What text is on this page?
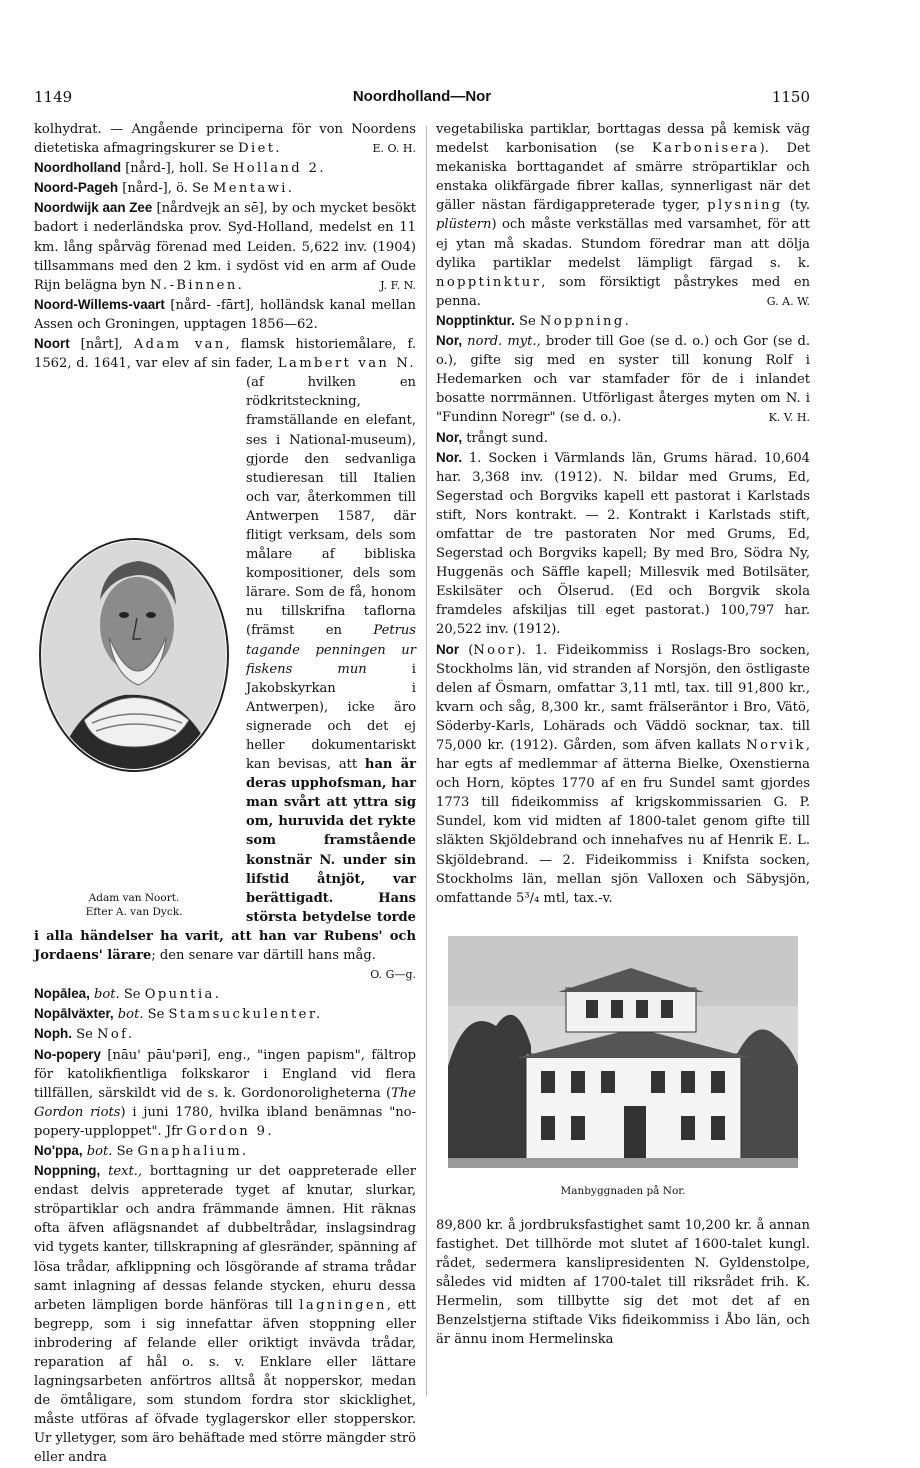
1149	Noordholland—Nor	1150

kolhydrat. — Angående principerna för von Noordens dietetiska afmagringskurer se Diet.	E. O. H.

Noordholland [nård-], holl. Se Holland 2.

Noord-Pageh [nård-], ö. Se Mentawi.

Noordwijk aan Zee [nårdvejk an sē], by och mycket besökt badort i nederländska prov. Syd-Holland, medelst en 11 km. lång spårväg förenad med Leiden. 5,622 inv. (1904) tillsammans med den 2 km. i sydöst vid en arm af Oude Rijn belägna byn N.-Binnen.	J. F. N.

Noord-Willems-vaart [nård- -fārt], holländsk kanal mellan Assen och Groningen, upptagen 1856—62.

Noort [nårt], Adam van, flamsk historiemålare, f. 1562, d. 1641, var elev af sin fader, Lambert van N.
Adam van Noort.
Efter A. van Dyck.
(af hvilken en rödkritsteckning, framställande en elefant, ses i National-museum), gjorde den sedvanliga studieresan till Italien och var, återkommen till Antwerpen 1587, där flitigt verksam, dels som målare af bibliska kompositioner, dels som lärare. Som de få, honom nu tillskrifna taflorna (främst en Petrus tagande penningen ur fiskens mun i Jakobskyrkan i Antwerpen), icke äro signerade och det ej heller dokumentariskt kan bevisas, att han är deras upphofsman, har man svårt att yttra sig om, huruvida det rykte som framstående konstnär N. under sin lifstid åtnjöt, var berättigadt. Hans största betydelse torde i alla händelser ha varit, att han var Rubens' och Jordaens' lärare; den senare var därtill hans måg.
O. G—g.

Nopālea, bot. Se Opuntia.

Nopālväxter, bot. Se Stamsuckulenter.

Noph. Se Nof.

No-popery [nāu' pāu'pəri], eng., "ingen papism", fältrop för katolikfientliga folkskaror i England vid flera tillfällen, särskildt vid de s. k. Gordonoroligheterna (The Gordon riots) i juni 1780, hvilka ibland benämnas "no-popery-upploppet". Jfr Gordon 9.

No'ppa, bot. Se Gnaphalium.

Noppning, text., borttagning ur det oappreterade eller endast delvis appreterade tyget af knutar, slurkar, ströpartiklar och andra främmande ämnen. Hit räknas ofta äfven aflägsnandet af dubbeltrådar, inslagsindrag vid tygets kanter, tillskrapning af glesränder, spänning af lösa trådar, afklippning och lösgörande af strama trådar samt inlagning af dessas felande stycken, ehuru dessa arbeten lämpligen borde hänföras till lagningen, ett begrepp, som i sig innefattar äfven stoppning eller inbrodering af felande eller oriktigt invävda trådar, reparation af hål o. s. v. Enklare eller lättare lagningsarbeten anförtros alltså åt nopperskor, medan de ömtåligare, som stundom fordra stor skicklighet, måste utföras af öfvade tyglagerskor eller stopperskor. Ur ylletyger, som äro behäftade med större mängder strö eller andra

vegetabiliska partiklar, borttagas dessa på kemisk väg medelst karbonisation (se Karbonisera). Det mekaniska borttagandet af smärre ströpartiklar och enstaka olikfärgade fibrer kallas, synnerligast när det gäller nästan färdigappreterade tyger, plysning (ty. plüstern) och måste verkställas med varsamhet, för att ej ytan må skadas. Stundom föredrar man att dölja dylika partiklar medelst lämpligt färgad s. k. nopptinktur, som försiktigt påstrykes med en penna.	G. A. W.

Nopptinktur. Se Noppning.

Nor, nord. myt., broder till Goe (se d. o.) och Gor (se d. o.), gifte sig med en syster till konung Rolf i Hedemarken och var stamfader för de i inlandet bosatte norrmännen. Utförligast återges myten om N. i "Fundinn Noregr" (se d. o.).	K. V. H.

Nor, trångt sund.

Nor. 1. Socken i Värmlands län, Grums härad. 10,604 har. 3,368 inv. (1912). N. bildar med Grums, Ed, Segerstad och Borgviks kapell ett pastorat i Karlstads stift, Nors kontrakt. — 2. Kontrakt i Karlstads stift, omfattar de tre pastoraten Nor med Grums, Ed, Segerstad och Borgviks kapell; By med Bro, Södra Ny, Huggenäs och Säffle kapell; Millesvik med Botilsäter, Eskilsäter och Ölserud. (Ed och Borgvik skola framdeles afskiljas till eget pastorat.) 100,797 har. 20,522 inv. (1912).

Nor (Noor). 1. Fideikommiss i Roslags-Bro socken, Stockholms län, vid stranden af Norsjön, den östligaste delen af Ösmarn, omfattar 3,11 mtl, tax. till 91,800 kr., kvarn och såg, 8,300 kr., samt frälseräntor i Bro, Vätö, Söderby-Karls, Lohärads och Väddö socknar, tax. till 75,000 kr. (1912). Gården, som äfven kallats Norvik, har egts af medlemmar af ätterna Bielke, Oxenstierna och Horn, köptes 1770 af en fru Sundel samt gjordes 1773 till fideikommiss af krigskommissarien G. P. Sundel, kom vid midten af 1800-talet genom gifte till släkten Skjöldebrand och innehafves nu af Henrik E. L. Skjöldebrand. — 2. Fideikommiss i Knifsta socken, Stockholms län, mellan sjön Valloxen och Säbysjön, omfattande 5³/₄ mtl, tax.-v.

Manbyggnaden på Nor.

89,800 kr. å jordbruksfastighet samt 10,200 kr. å annan fastighet. Det tillhörde mot slutet af 1600-talet kungl. rådet, sedermera kanslipresidenten N. Gyldenstolpe, således vid midten af 1700-talet till riksrådet frih. K. Hermelin, som tillbytte sig det mot det af en Benzelstjerna stiftade Viks fideikommiss i Åbo län, och är ännu inom Hermelinska
